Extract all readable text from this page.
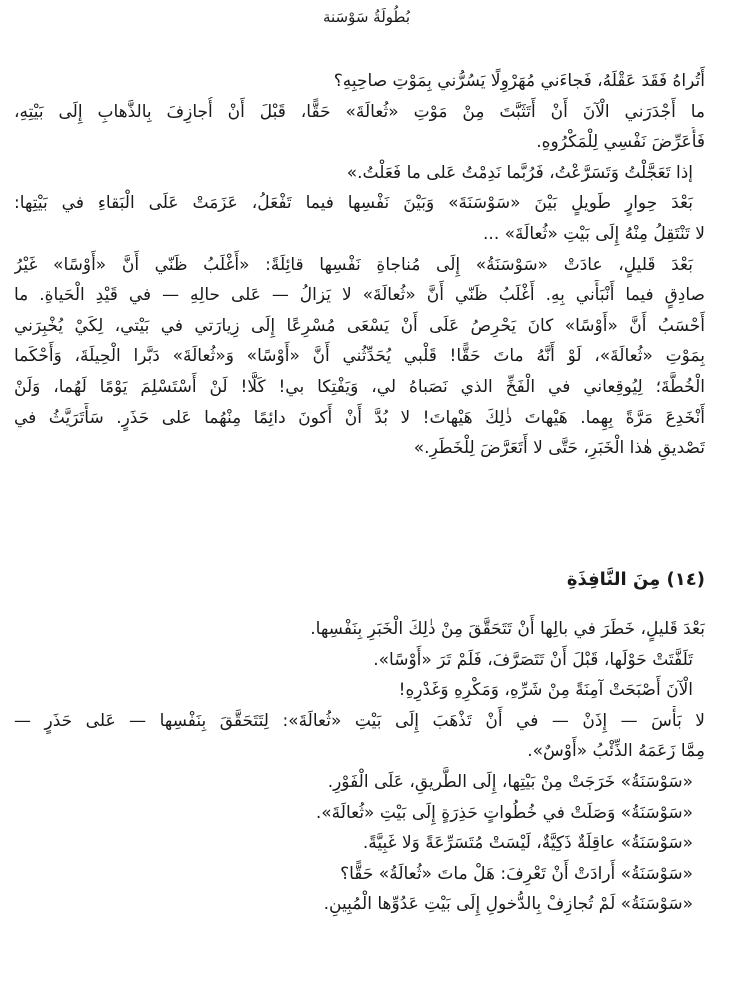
بُطُولَةُ سَوْسَنة
أَتُراهُ فَقَدَ عَقْلَهُ، فَجاءَني مُهَرْوِلًا يَسُرُّني بِمَوْتِ صاحِبِهِ؟
ما أَجْدَرَني الْآنَ أَنْ أَتَثَبَّتَ مِنْ مَوْتِ «ثُعالَةَ» حَقًّا، قَبْلَ أَنْ أُجازِفَ بِالذَّهابِ إِلَى بَيْتِهِ،
فَأُعَرِّضَ نَفْسِي لِلْمَكْرُوهِ.
إذا تَعَجَّلْتُ وَتَسَرَّعْتُ، فَرُبَّما نَدِمْتُ عَلى ما فَعَلْتُ.»
بَعْدَ حِوارٍ طَويلٍ بَيْنَ «سَوْسَنَةَ» وَبَيْنَ نَفْسِها فيما تَفْعَلُ، عَزَمَتْ عَلَى الْبَقاءِ في بَيْتِها:
لا تَنْتَقِلُ مِنْهُ إِلَى بَيْتِ «ثُعالَةَ» ...
بَعْدَ قَليلٍ، عادَتْ «سَوْسَنَةُ» إِلَى مُناجاةِ نَفْسِها قائِلَةً: «أَغْلَبُ ظَنّي أَنَّ «أَوْسًا» غَيْرُ
صادِقٍ فيما أَنْبَأَني بِهِ. أَغْلَبُ ظَنّي أَنَّ «ثُعالَةَ» لا يَزالُ — عَلى حالِهِ — في قَيْدِ الْحَياةِ. ما
أَحْسَبُ أَنَّ «أَوْسًا» كانَ يَحْرِصُ عَلَى أَنْ يَسْعَى مُسْرِعًا إِلَى زِيارَتي في بَيْتي، لِكَيْ يُخْبِرَني
بِمَوْتِ «ثُعالَةَ»، لَوْ أَنَّهُ ماتَ حَقًّا! قَلْبي يُحَدِّثُني أَنَّ «أَوْسًا» وَ«ثُعالَةَ» دَبَّرا الْحِيلَةَ، وَأَحْكَما
الْخُطَّةَ؛ لِيُوقِعاني في الْفَخِّ الذي نَصَباهُ لي، وَيَفْتِكا بي! كَلَّا! لَنْ أَسْتَسْلِمَ يَوْمًا لَهُما، وَلَنْ
أَنْخَدِعَ مَرَّةً بِهِما. هَيْهاتَ ذٰلِكَ هَيْهاتَ! لا بُدَّ أَنْ أَكونَ دائِمًا مِنْهُما عَلى حَذَرٍ. سَأَتَرَيَّثُ في
تَصْديقِ هٰذا الْخَبَرِ، حَتَّى لا أَتَعَرَّضَ لِلْخَطَرِ.»
(١٤) مِنَ النَّافِذَةِ
بَعْدَ قَليلٍ، خَطَرَ في بالِها أَنْ تَتَحَقَّقَ مِنْ ذٰلِكَ الْخَبَرِ بِنَفْسِها.
تَلَفَّتَتْ حَوْلَها، قَبْلَ أَنْ تَتَصَرَّفَ، فَلَمْ تَرَ «أَوْسًا».
الْآنَ أَصْبَحَتْ آمِنَةً مِنْ شَرِّهِ، وَمَكْرِهِ وَغَدْرِهِ!
لا بَأْسَ — إِذَنْ — في أَنْ تَذْهَبَ إِلَى بَيْتِ «ثُعالَةَ»: لِتَتَحَقَّقَ بِنَفْسِها — عَلى حَذَرٍ —
مِمَّا زَعَمَهُ الذِّئْبُ «أَوْسٌ».
«سَوْسَنَةُ» خَرَجَتْ مِنْ بَيْتِها، إِلَى الطَّريقِ، عَلَى الْفَوْرِ.
«سَوْسَنَةُ» وَصَلَتْ في خُطُواتٍ حَذِرَةٍ إِلَى بَيْتِ «ثُعالَةَ».
«سَوْسَنَةُ» عاقِلَةٌ ذَكِيَّةٌ، لَيْسَتْ مُتَسَرِّعَةً وَلا غَبِيَّةً.
«سَوْسَنَةُ» أَرادَتْ أَنْ تَعْرِفَ: هَلْ ماتَ «ثُعالَةُ» حَقًّا؟
«سَوْسَنَةُ» لَمْ تُجازِفْ بِالدُّخولِ إِلَى بَيْتِ عَدُوِّها الْمُبِينِ.
